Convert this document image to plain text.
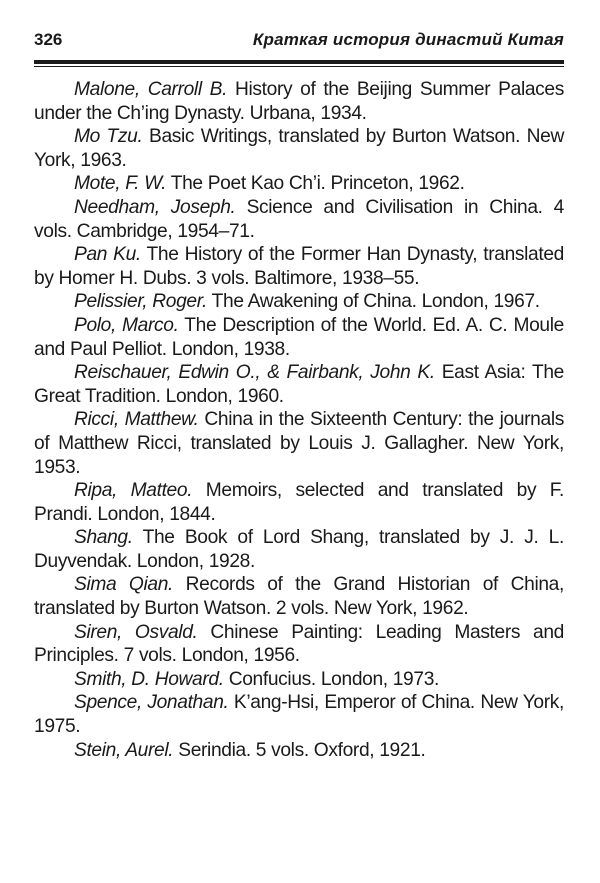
326	Краткая история династий Китая
Malone, Carroll B. History of the Beijing Summer Palaces under the Ch’ing Dynasty. Urbana, 1934.
Mo Tzu. Basic Writings, translated by Burton Watson. New York, 1963.
Mote, F. W. The Poet Kao Ch’i. Princeton, 1962.
Needham, Joseph. Science and Civilisation in China. 4 vols. Cambridge, 1954–71.
Pan Ku. The History of the Former Han Dynasty, translated by Homer H. Dubs. 3 vols. Baltimore, 1938–55.
Pelissier, Roger. The Awakening of China. London, 1967.
Polo, Marco. The Description of the World. Ed. A. C. Moule and Paul Pelliot. London, 1938.
Reischauer, Edwin O., & Fairbank, John K. East Asia: The Great Tradition. London, 1960.
Ricci, Matthew. China in the Sixteenth Century: the journals of Matthew Ricci, translated by Louis J. Gallagher. New York, 1953.
Ripa, Matteo. Memoirs, selected and translated by F. Prandi. London, 1844.
Shang. The Book of Lord Shang, translated by J. J. L. Duyvendak. London, 1928.
Sima Qian. Records of the Grand Historian of China, translated by Burton Watson. 2 vols. New York, 1962.
Siren, Osvald. Chinese Painting: Leading Masters and Principles. 7 vols. London, 1956.
Smith, D. Howard. Confucius. London, 1973.
Spence, Jonathan. K’ang-Hsi, Emperor of China. New York, 1975.
Stein, Aurel. Serindia. 5 vols. Oxford, 1921.
